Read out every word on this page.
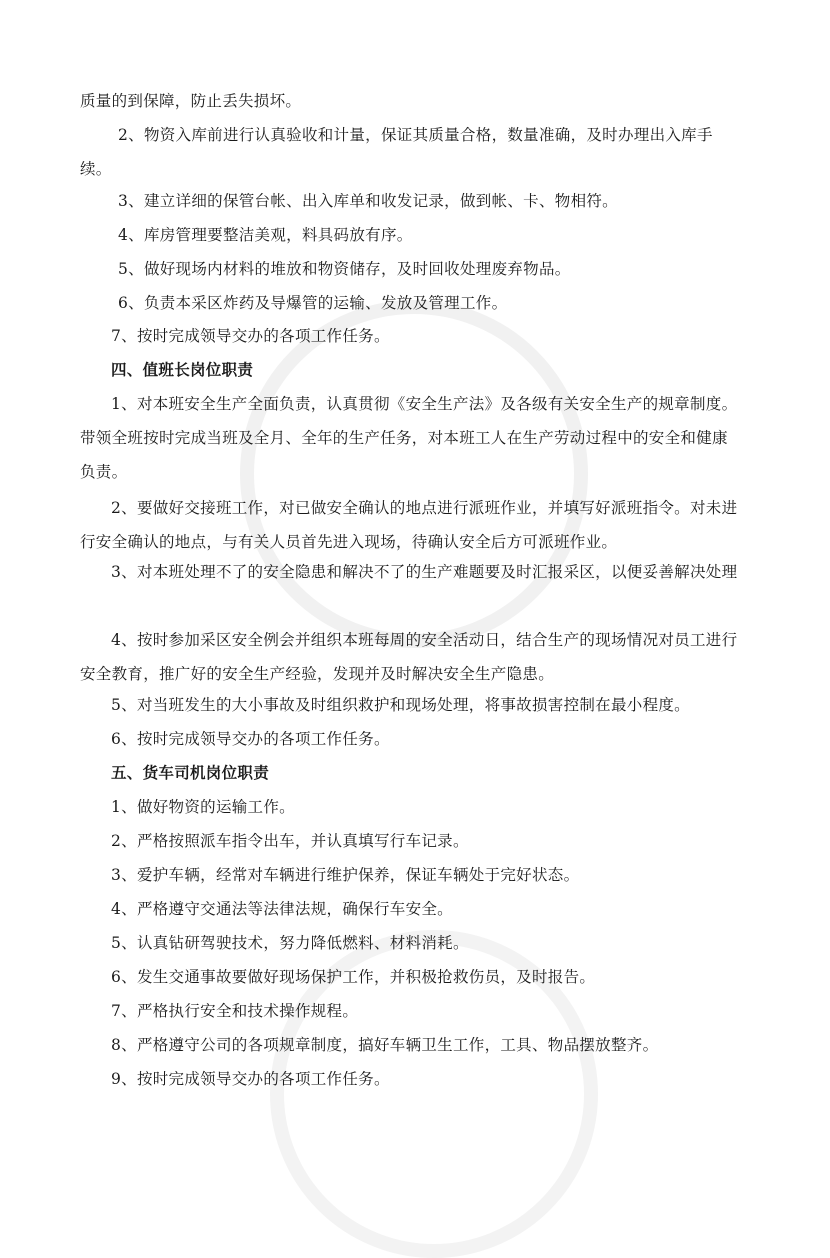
质量的到保障，防止丢失损坏。

2、物资入库前进行认真验收和计量，保证其质量合格，数量准确，及时办理出入库手续。

3、建立详细的保管台帐、出入库单和收发记录，做到帐、卡、物相符。

4、库房管理要整洁美观，料具码放有序。

5、做好现场内材料的堆放和物资储存，及时回收处理废弃物品。

6、负责本采区炸药及导爆管的运输、发放及管理工作。

7、按时完成领导交办的各项工作任务。

四、值班长岗位职责

1、对本班安全生产全面负责，认真贯彻《安全生产法》及各级有关安全生产的规章制度。带领全班按时完成当班及全月、全年的生产任务，对本班工人在生产劳动过程中的安全和健康负责。

2、要做好交接班工作，对已做安全确认的地点进行派班作业，并填写好派班指令。对未进行安全确认的地点，与有关人员首先进入现场，待确认安全后方可派班作业。

3、对本班处理不了的安全隐患和解决不了的生产难题要及时汇报采区，以便妥善解决处理

4、按时参加采区安全例会并组织本班每周的安全活动日，结合生产的现场情况对员工进行安全教育，推广好的安全生产经验，发现并及时解决安全生产隐患。

5、对当班发生的大小事故及时组织救护和现场处理，将事故损害控制在最小程度。

6、按时完成领导交办的各项工作任务。

五、货车司机岗位职责

1、做好物资的运输工作。

2、严格按照派车指令出车，并认真填写行车记录。

3、爱护车辆，经常对车辆进行维护保养，保证车辆处于完好状态。

4、严格遵守交通法等法律法规，确保行车安全。

5、认真钻研驾驶技术，努力降低燃料、材料消耗。

6、发生交通事故要做好现场保护工作，并积极抢救伤员，及时报告。

7、严格执行安全和技术操作规程。

8、严格遵守公司的各项规章制度，搞好车辆卫生工作，工具、物品摆放整齐。

9、按时完成领导交办的各项工作任务。
